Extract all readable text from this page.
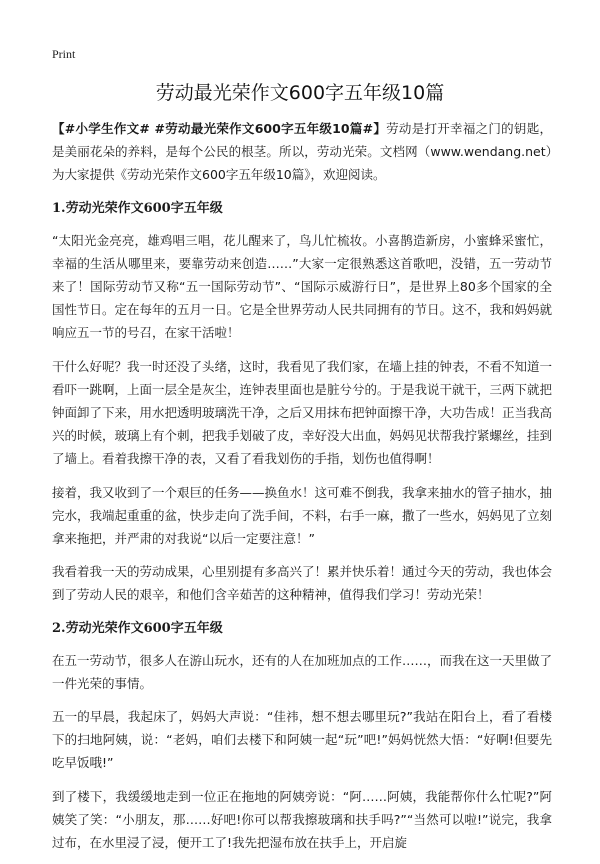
Print
劳动最光荣作文600字五年级10篇

【#小学生作文# #劳动最光荣作文600字五年级10篇#】劳动是打开幸福之门的钥匙，是美丽花朵的养料，是每个公民的根茎。所以，劳动光荣。文档网（www.wendang.net）为大家提供《劳动光荣作文600字五年级10篇》，欢迎阅读。

1.劳动光荣作文600字五年级

“太阳光金亮亮，雄鸡唱三唱，花儿醒来了，鸟儿忙梳妆。小喜鹊造新房，小蜜蜂采蜜忙，幸福的生活从哪里来，要靠劳动来创造……”大家一定很熟悉这首歌吧，没错，五一劳动节来了！国际劳动节又称“五一国际劳动节”、“国际示威游行日”，是世界上80多个国家的全国性节日。定在每年的五月一日。它是全世界劳动人民共同拥有的节日。这不，我和妈妈就响应五一节的号召，在家干活啦！

干什么好呢？我一时还没了头绪，这时，我看见了我们家，在墙上挂的钟表，不看不知道一看吓一跳啊，上面一层全是灰尘，连钟表里面也是脏兮兮的。于是我说干就干，三两下就把钟面卸了下来，用水把透明玻璃洗干净，之后又用抹布把钟面擦干净，大功告成！正当我高兴的时候，玻璃上有个刺，把我手划破了皮，幸好没大出血，妈妈见状帮我拧紧螺丝，挂到了墙上。看着我擦干净的表，又看了看我划伤的手指，划伤也值得啊！

接着，我又收到了一个艰巨的任务——换鱼水！这可难不倒我，我拿来抽水的管子抽水，抽完水，我端起重重的盆，快步走向了洗手间，不料，右手一麻，撒了一些水，妈妈见了立刻拿来拖把，并严肃的对我说“以后一定要注意！”

我看着我一天的劳动成果，心里别提有多高兴了！累并快乐着！通过今天的劳动，我也体会到了劳动人民的艰辛，和他们含辛茹苦的这种精神，值得我们学习！劳动光荣！

2.劳动光荣作文600字五年级

在五一劳动节，很多人在游山玩水，还有的人在加班加点的工作……，而我在这一天里做了一件光荣的事情。

五一的早晨，我起床了，妈妈大声说：“佳祎，想不想去哪里玩?”我站在阳台上，看了看楼下的扫地阿姨，说：“老妈，咱们去楼下和阿姨一起“玩”吧!”妈妈恍然大悟：“好啊!但要先吃早饭哦!”

到了楼下，我缓缓地走到一位正在拖地的阿姨旁说：“阿……阿姨，我能帮你什么忙呢?”阿姨笑了笑：“小朋友，那……好吧!你可以帮我擦玻璃和扶手吗?”“当然可以啦!”说完，我拿过布，在水里浸了浸，便开工了!我先把湿布放在扶手上，开启旋
